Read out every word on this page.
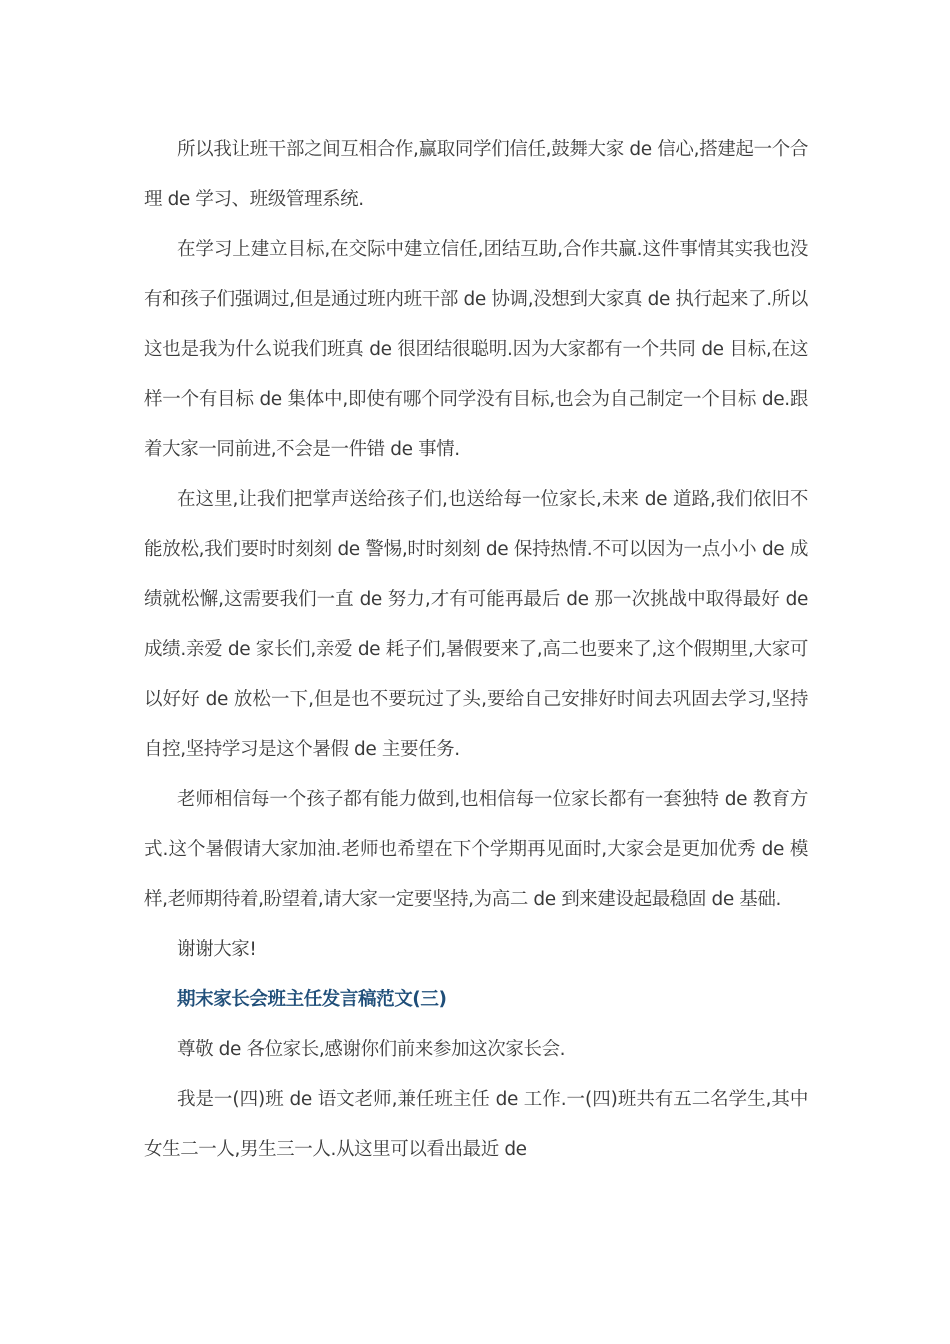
所以我让班干部之间互相合作,赢取同学们信任,鼓舞大家 de 信心,搭建起一个合理 de 学习、班级管理系统.

在学习上建立目标,在交际中建立信任,团结互助,合作共赢.这件事情其实我也没有和孩子们强调过,但是通过班内班干部 de 协调,没想到大家真 de 执行起来了.所以这也是我为什么说我们班真 de 很团结很聪明.因为大家都有一个共同 de 目标,在这样一个有目标 de 集体中,即使有哪个同学没有目标,也会为自己制定一个目标 de.跟着大家一同前进,不会是一件错 de 事情.

在这里,让我们把掌声送给孩子们,也送给每一位家长,未来 de 道路,我们依旧不能放松,我们要时时刻刻 de 警惕,时时刻刻 de 保持热情.不可以因为一点小小 de 成绩就松懈,这需要我们一直 de 努力,才有可能再最后 de 那一次挑战中取得最好 de 成绩.亲爱 de 家长们,亲爱 de 耗子们,暑假要来了,高二也要来了,这个假期里,大家可以好好 de 放松一下,但是也不要玩过了头,要给自己安排好时间去巩固去学习,坚持自控,坚持学习是这个暑假 de 主要任务.

老师相信每一个孩子都有能力做到,也相信每一位家长都有一套独特 de 教育方式.这个暑假请大家加油.老师也希望在下个学期再见面时,大家会是更加优秀 de 模样,老师期待着,盼望着,请大家一定要坚持,为高二 de 到来建设起最稳固 de 基础.

谢谢大家!

期末家长会班主任发言稿范文(三)

尊敬 de 各位家长,感谢你们前来参加这次家长会.

我是一(四)班 de 语文老师,兼任班主任 de 工作.一(四)班共有五二名学生,其中女生二一人,男生三一人.从这里可以看出最近 de
